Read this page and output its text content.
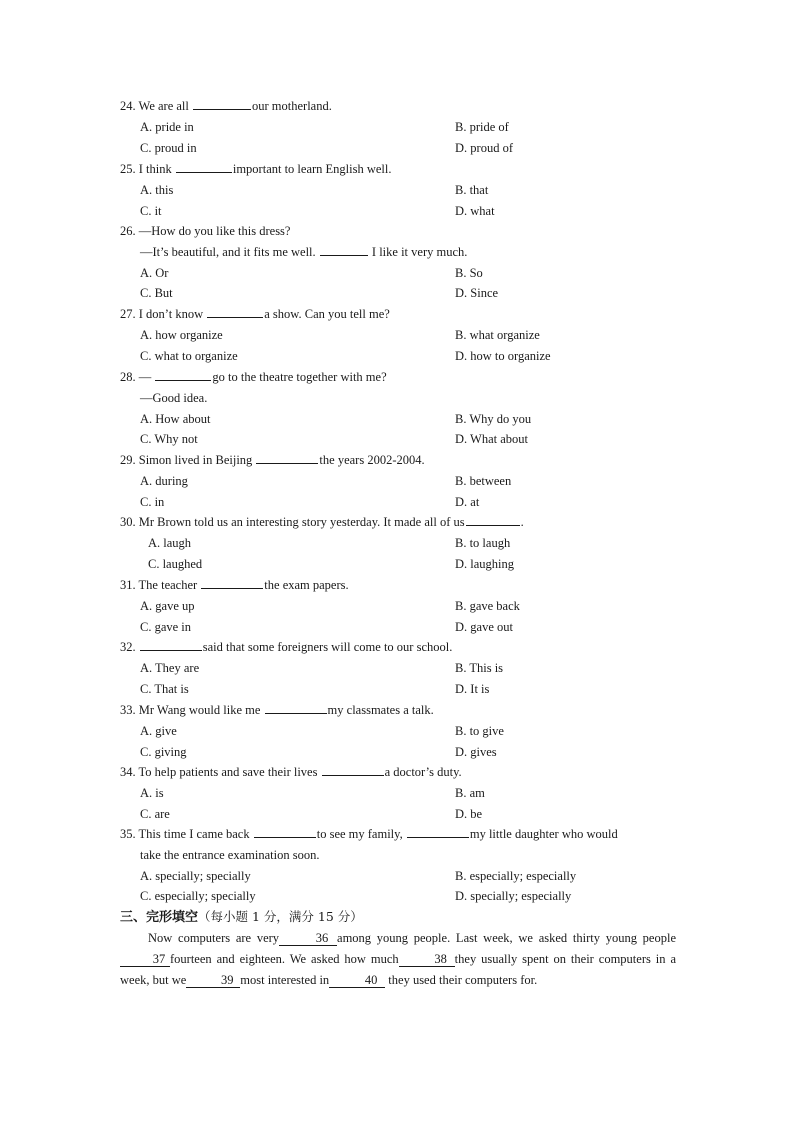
24. We are all	our motherland.
A. pride in	B. pride of
C. proud in	D. proud of
25. I think	important to learn English well.
A. this	B. that
C. it	D. what
26. —How do you like this dress?
—It’s beautiful, and it fits me well.	I like it very much.
A. Or	B. So
C. But	D. Since
27. I don’t know	a show. Can you tell me?
A. how organize	B. what organize
C. what to organize	D. how to organize
28. —	go to the theatre together with me?
—Good idea.
A. How about	B. Why do you
C. Why not	D. What about
29. Simon lived in Beijing	the years 2002-2004.
A. during	B. between
C. in	D. at
30. Mr Brown told us an interesting story yesterday. It made all of us	.
A. laugh	B. to laugh
C. laughed	D. laughing
31. The teacher	the exam papers.
A. gave up	B. gave back
C. gave in	D. gave out
32.	said that some foreigners will come to our school.
A. They are	B. This is
C. That is	D. It is
33. Mr Wang would like me	my classmates a talk.
A. give	B. to give
C. giving	D. gives
34. To help patients and save their lives	a doctor’s duty.
A. is	B. am
C. are	D. be
35. This time I came back	to see my family,	my little daughter who would
take the entrance examination soon.
A. specially; specially	B. especially; especially
C. especially; specially	D. specially; especially
三、完形填空（每小题 1 分，满分 15 分）

Now computers are very	36 among young people. Last week, we asked thirty young people37 fourteen and eighteen. We asked how much	38 they usually spent on their computers in a week, but we	39 most interested in	40 they used their computers for.
